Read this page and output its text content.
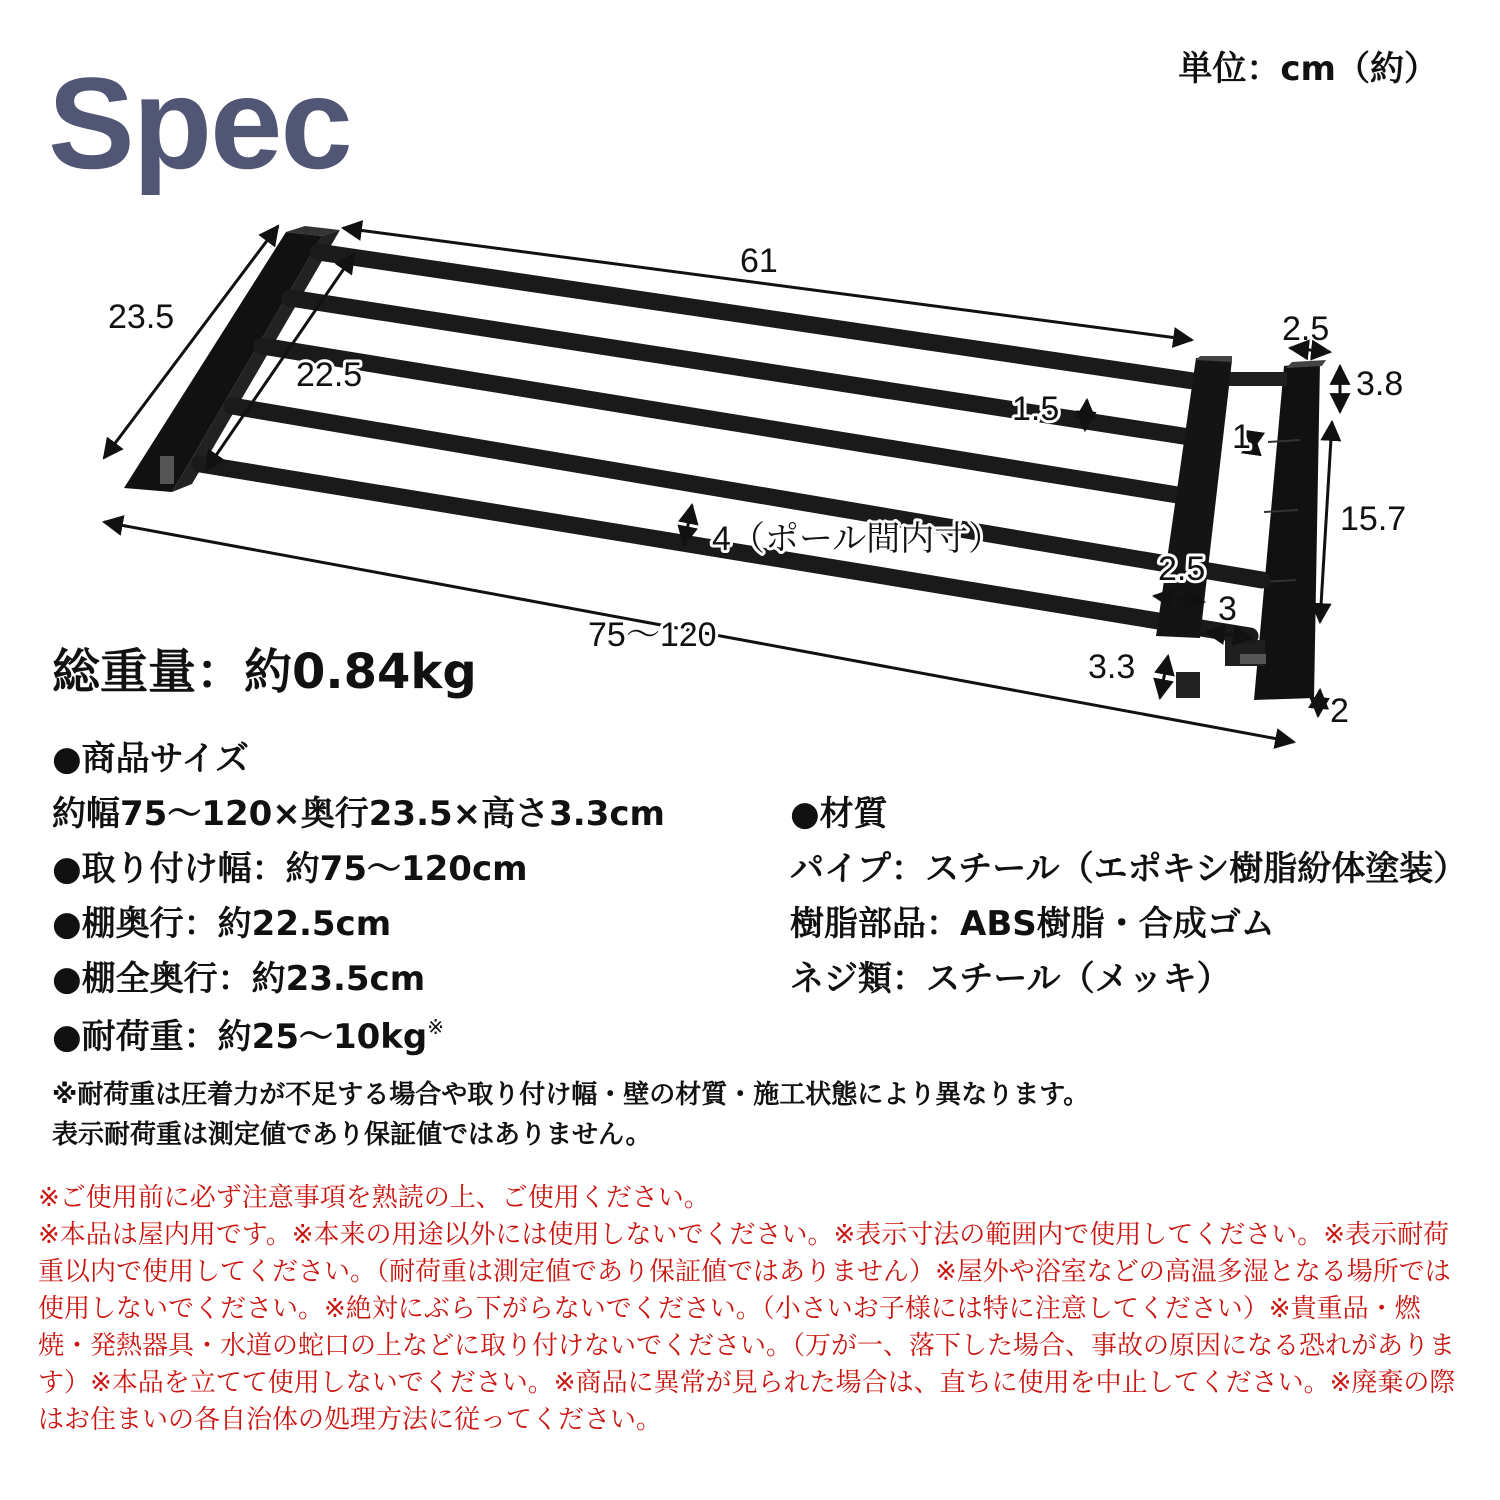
Spec	単位：cm（約）
61
23.5
22.5
2.5
3.8
1.5
1
15.7
4（ポール間内寸）
2.5
3
75～120
3.3
2
総重量：約0.84kg
●商品サイズ
約幅75～120×奥行23.5×高さ3.3cm
●取り付け幅：約75～120cm
●棚奥行：約22.5cm
●棚全奥行：約23.5cm
●耐荷重：約25～10kg※
●材質
パイプ：スチール（エポキシ樹脂紛体塗装）
樹脂部品：ABS樹脂・合成ゴム
ネジ類：スチール（メッキ）
※耐荷重は圧着力が不足する場合や取り付け幅・壁の材質・施工状態により異なります。
表示耐荷重は測定値であり保証値ではありません。

※ご使用前に必ず注意事項を熟読の上、ご使用ください。

※本品は屋内用です。※本来の用途以外には使用しないでください。※表示寸法の範囲内で使用してください。※表示耐荷重以内で使用してください。（耐荷重は測定値であり保証値ではありません）※屋外や浴室などの高温多湿となる場所では使用しないでください。※絶対にぶら下がらないでください。（小さいお子様には特に注意してください）※貴重品・燃焼・発熱器具・水道の蛇口の上などに取り付けないでください。（万が一、落下した場合、事故の原因になる恐れがあります）※本品を立てて使用しないでください。※商品に異常が見られた場合は、直ちに使用を中止してください。※廃棄の際はお住まいの各自治体の処理方法に従ってください。
